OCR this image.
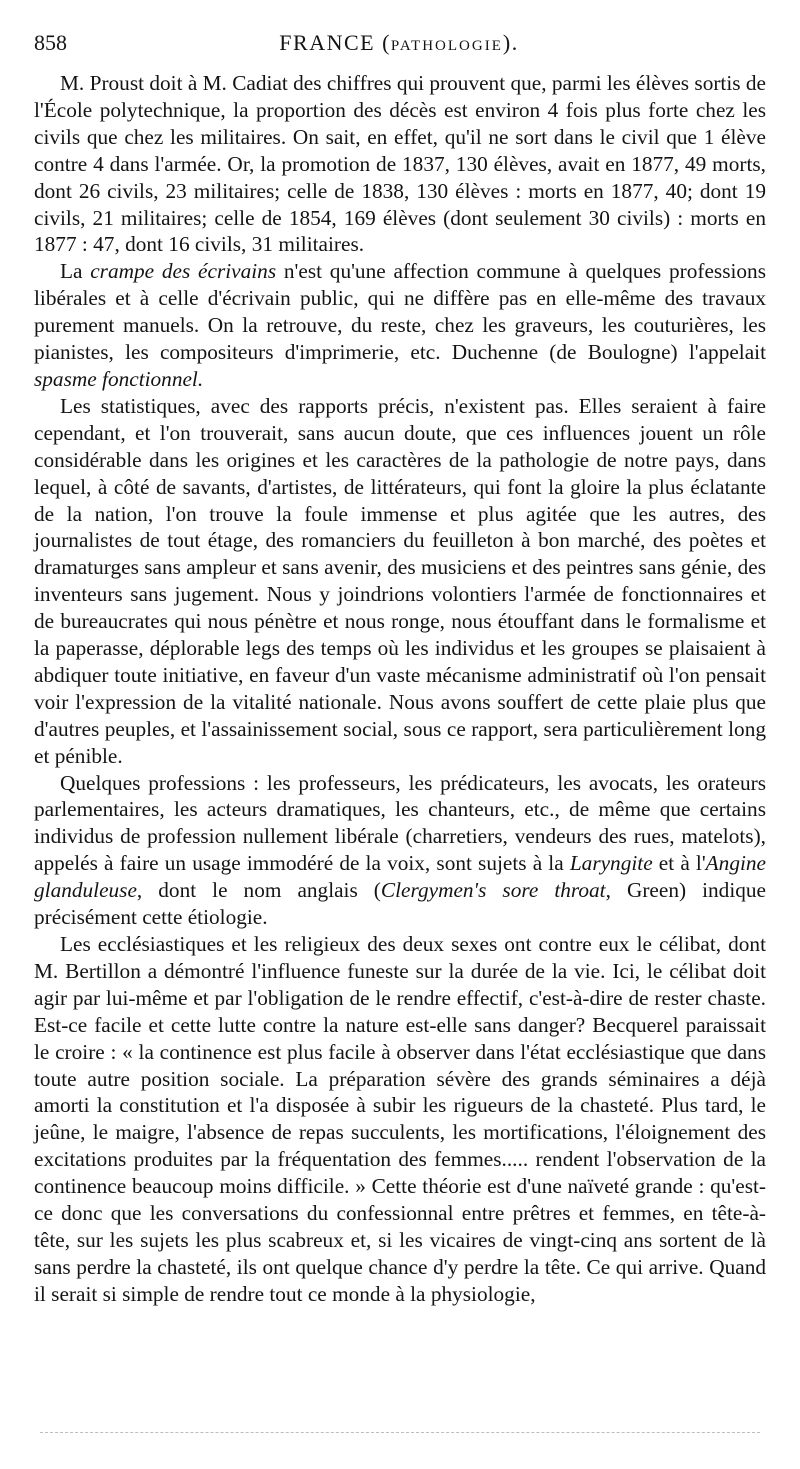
858	FRANCE (PATHOLOGIE).

M. Proust doit à M. Cadiat des chiffres qui prouvent que, parmi les élèves sortis de l'École polytechnique, la proportion des décès est environ 4 fois plus forte chez les civils que chez les militaires. On sait, en effet, qu'il ne sort dans le civil que 1 élève contre 4 dans l'armée. Or, la promotion de 1837, 130 élèves, avait en 1877, 49 morts, dont 26 civils, 23 militaires; celle de 1838, 130 élèves : morts en 1877, 40; dont 19 civils, 21 militaires; celle de 1854, 169 élèves (dont seulement 30 civils) : morts en 1877 : 47, dont 16 civils, 31 militaires.

La crampe des écrivains n'est qu'une affection commune à quelques professions libérales et à celle d'écrivain public, qui ne diffère pas en elle-même des travaux purement manuels. On la retrouve, du reste, chez les graveurs, les couturières, les pianistes, les compositeurs d'imprimerie, etc. Duchenne (de Boulogne) l'appelait spasme fonctionnel.

Les statistiques, avec des rapports précis, n'existent pas. Elles seraient à faire cependant, et l'on trouverait, sans aucun doute, que ces influences jouent un rôle considérable dans les origines et les caractères de la pathologie de notre pays, dans lequel, à côté de savants, d'artistes, de littérateurs, qui font la gloire la plus éclatante de la nation, l'on trouve la foule immense et plus agitée que les autres, des journalistes de tout étage, des romanciers du feuilleton à bon marché, des poètes et dramaturges sans ampleur et sans avenir, des musiciens et des peintres sans génie, des inventeurs sans jugement. Nous y joindrions volontiers l'armée de fonctionnaires et de bureaucrates qui nous pénètre et nous ronge, nous étouffant dans le formalisme et la paperasse, déplorable legs des temps où les individus et les groupes se plaisaient à abdiquer toute initiative, en faveur d'un vaste mécanisme administratif où l'on pensait voir l'expression de la vitalité nationale. Nous avons souffert de cette plaie plus que d'autres peuples, et l'assainissement social, sous ce rapport, sera particulièrement long et pénible.

Quelques professions : les professeurs, les prédicateurs, les avocats, les orateurs parlementaires, les acteurs dramatiques, les chanteurs, etc., de même que certains individus de profession nullement libérale (charretiers, vendeurs des rues, matelots), appelés à faire un usage immodéré de la voix, sont sujets à la Laryngite et à l'Angine glanduleuse, dont le nom anglais (Clergymen's sore throat, Green) indique précisément cette étiologie.

Les ecclésiastiques et les religieux des deux sexes ont contre eux le célibat, dont M. Bertillon a démontré l'influence funeste sur la durée de la vie. Ici, le célibat doit agir par lui-même et par l'obligation de le rendre effectif, c'est-à-dire de rester chaste. Est-ce facile et cette lutte contre la nature est-elle sans danger? Becquerel paraissait le croire : « la continence est plus facile à observer dans l'état ecclésiastique que dans toute autre position sociale. La préparation sévère des grands séminaires a déjà amorti la constitution et l'a disposée à subir les rigueurs de la chasteté. Plus tard, le jeûne, le maigre, l'absence de repas succulents, les mortifications, l'éloignement des excitations produites par la fréquentation des femmes..... rendent l'observation de la continence beaucoup moins difficile. » Cette théorie est d'une naïveté grande : qu'est-ce donc que les conversations du confessionnal entre prêtres et femmes, en tête-à-tête, sur les sujets les plus scabreux et, si les vicaires de vingt-cinq ans sortent de là sans perdre la chasteté, ils ont quelque chance d'y perdre la tête. Ce qui arrive. Quand il serait si simple de rendre tout ce monde à la physiologie,
